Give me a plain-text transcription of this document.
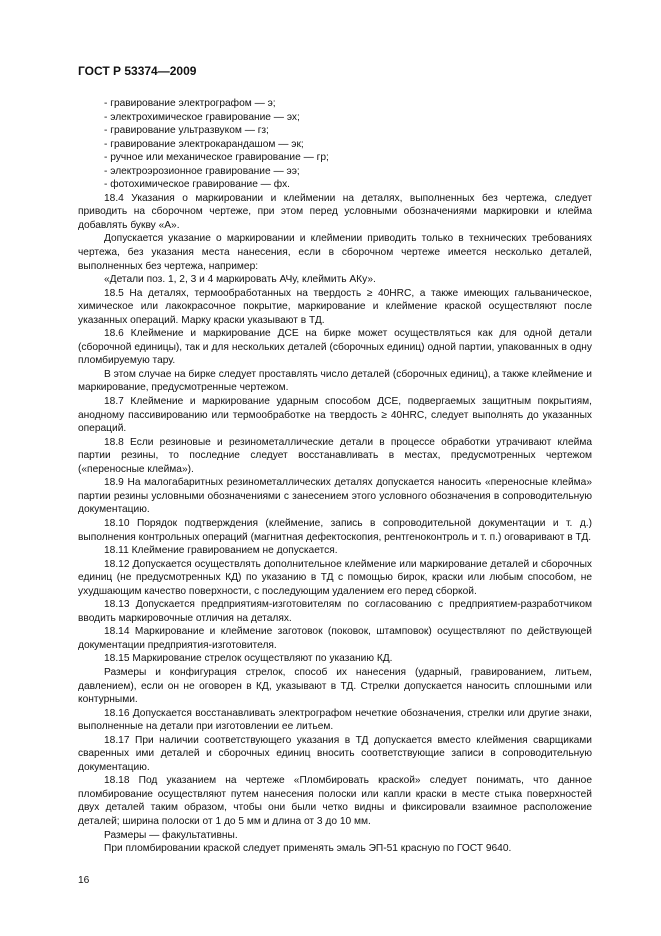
ГОСТ Р 53374—2009

- гравирование электрографом — э;

- электрохимическое гравирование — эх;

- гравирование ультразвуком — гз;

- гравирование электрокарандашом — эк;

- ручное или механическое гравирование — гр;

- электроэрозионное гравирование — ээ;

- фотохимическое гравирование — фх.

18.4 Указания о маркировании и клеймении на деталях, выполненных без чертежа, следует приводить на сборочном чертеже, при этом перед условными обозначениями маркировки и клейма добавлять букву «А».

Допускается указание о маркировании и клеймении приводить только в технических требованиях чертежа, без указания места нанесения, если в сборочном чертеже имеется несколько деталей, выполненных без чертежа, например:

«Детали поз. 1, 2, 3 и 4 маркировать АЧу, клеймить АКу».

18.5 На деталях, термообработанных на твердость ≥ 40HRC, а также имеющих гальваническое, химическое или лакокрасочное покрытие, маркирование и клеймение краской осуществляют после указанных операций. Марку краски указывают в ТД.

18.6 Клеймение и маркирование ДСЕ на бирке может осуществляться как для одной детали (сборочной единицы), так и для нескольких деталей (сборочных единиц) одной партии, упакованных в одну пломбируемую тару.

В этом случае на бирке следует проставлять число деталей (сборочных единиц), а также клеймение и маркирование, предусмотренные чертежом.

18.7 Клеймение и маркирование ударным способом ДСЕ, подвергаемых защитным покрытиям, анодному пассивированию или термообработке на твердость ≥ 40HRC, следует выполнять до указанных операций.

18.8 Если резиновые и резинометаллические детали в процессе обработки утрачивают клейма партии резины, то последние следует восстанавливать в местах, предусмотренных чертежом («переносные клейма»).

18.9 На малогабаритных резинометаллических деталях допускается наносить «переносные клейма» партии резины условными обозначениями с занесением этого условного обозначения в сопроводительную документацию.

18.10 Порядок подтверждения (клеймение, запись в сопроводительной документации и т. д.) выполнения контрольных операций (магнитная дефектоскопия, рентгеноконтроль и т. п.) оговаривают в ТД.

18.11 Клеймение гравированием не допускается.

18.12 Допускается осуществлять дополнительное клеймение или маркирование деталей и сборочных единиц (не предусмотренных КД) по указанию в ТД с помощью бирок, краски или любым способом, не ухудшающим качество поверхности, с последующим удалением его перед сборкой.

18.13 Допускается предприятиям-изготовителям по согласованию с предприятием-разработчиком вводить маркировочные отличия на деталях.

18.14 Маркирование и клеймение заготовок (поковок, штамповок) осуществляют по действующей документации предприятия-изготовителя.

18.15 Маркирование стрелок осуществляют по указанию КД.

Размеры и конфигурация стрелок, способ их нанесения (ударный, гравированием, литьем, давлением), если он не оговорен в КД, указывают в ТД. Стрелки допускается наносить сплошными или контурными.

18.16 Допускается восстанавливать электрографом нечеткие обозначения, стрелки или другие знаки, выполненные на детали при изготовлении ее литьем.

18.17 При наличии соответствующего указания в ТД допускается вместо клеймения сварщиками сваренных ими деталей и сборочных единиц вносить соответствующие записи в сопроводительную документацию.

18.18 Под указанием на чертеже «Пломбировать краской» следует понимать, что данное пломбирование осуществляют путем нанесения полоски или капли краски в месте стыка поверхностей двух деталей таким образом, чтобы они были четко видны и фиксировали взаимное расположение деталей; ширина полоски от 1 до 5 мм и длина от 3 до 10 мм.

Размеры — факультативны.

При пломбировании краской следует применять эмаль ЭП-51 красную по ГОСТ 9640.

16
